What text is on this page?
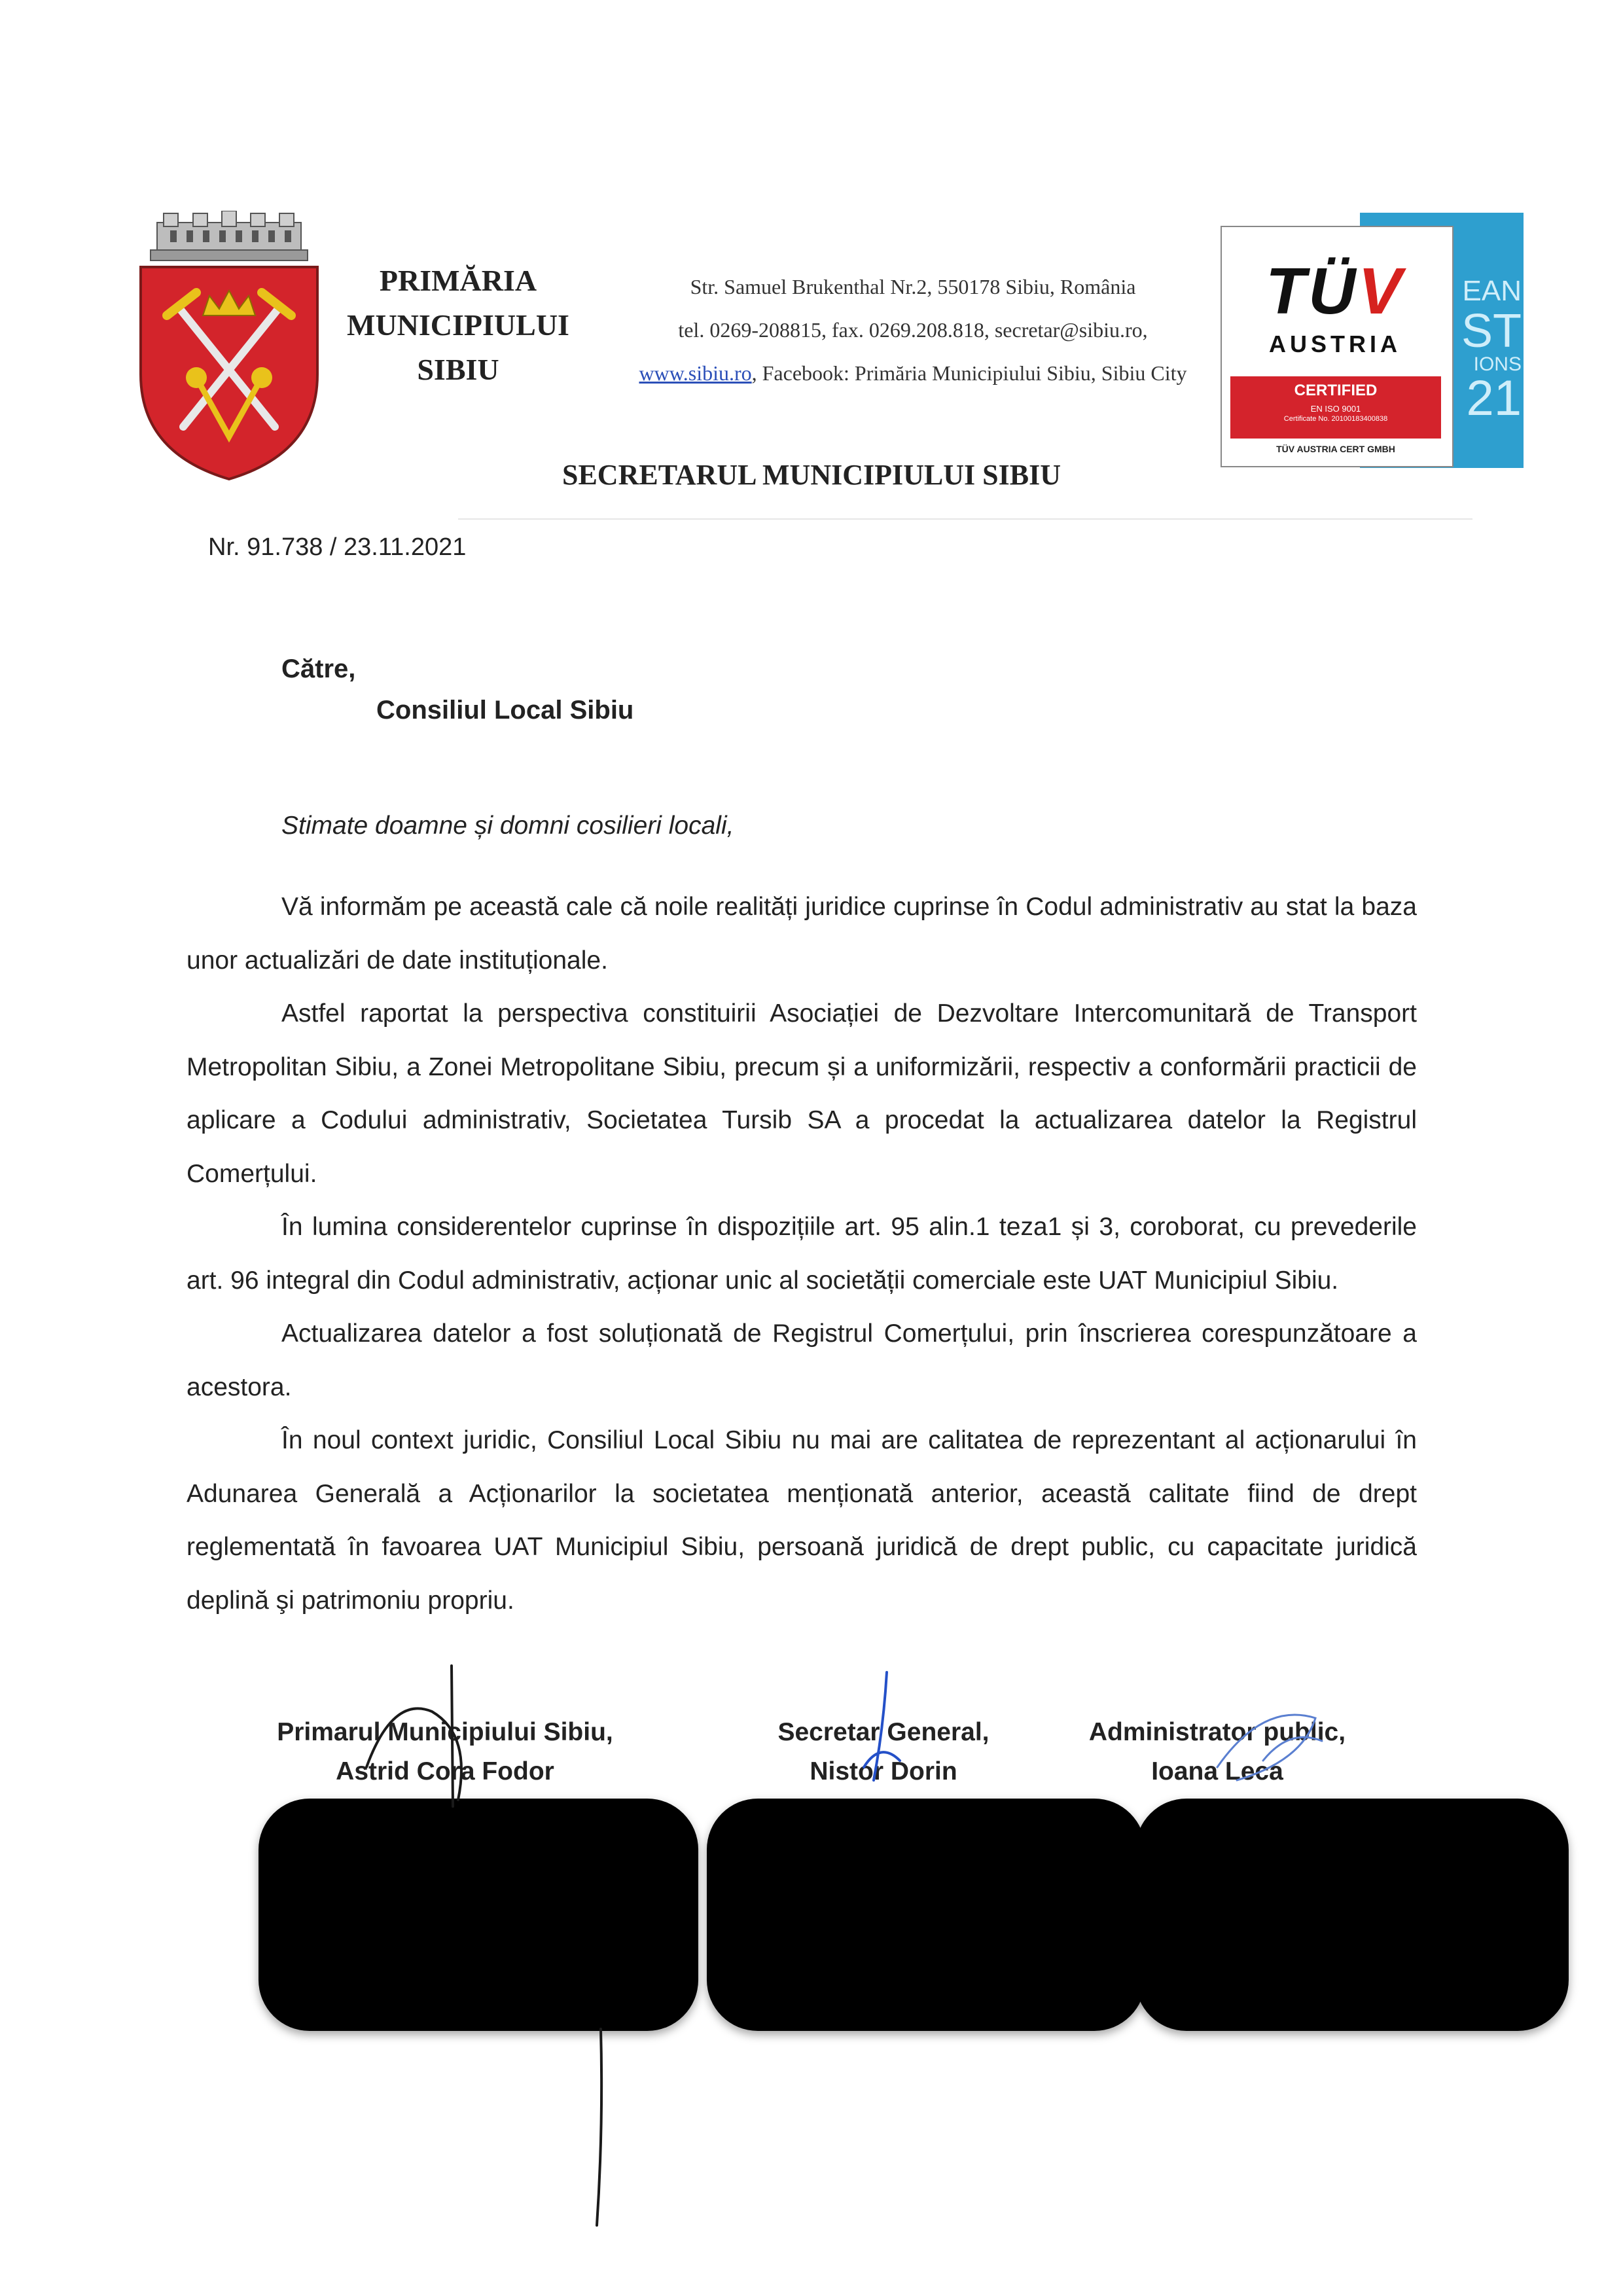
PRIMĂRIA
MUNICIPIULUI
SIBIU
Str. Samuel Brukenthal Nr.2, 550178 Sibiu, România
tel. 0269-208815, fax. 0269.208.818, secretar@sibiu.ro,
www.sibiu.ro, Facebook: Primăria Municipiului Sibiu, Sibiu City
SECRETARUL MUNICIPIULUI SIBIU
EAN
ST
IONS
21
TÜV
AUSTRIA
CERTIFIED
EN ISO 9001
Certificate No. 20100183400838
TÜV AUSTRIA CERT GMBH
Nr. 91.738 / 23.11.2021
Către,
Consiliul Local Sibiu
Stimate doamne și domni cosilieri locali,

Vă informăm pe această cale că noile realități juridice cuprinse în Codul administrativ au stat la baza unor actualizări de date instituționale.

Astfel raportat la perspectiva constituirii Asociației de Dezvoltare Intercomunitară de Transport Metropolitan Sibiu, a Zonei Metropolitane Sibiu, precum și a uniformizării, respectiv a conformării practicii de aplicare a Codului administrativ, Societatea Tursib SA a procedat la actualizarea datelor la Registrul Comerțului.

În lumina considerentelor cuprinse în dispozițiile art. 95 alin.1 teza1 și 3, coroborat, cu prevederile art. 96 integral din Codul administrativ, acționar unic al societății comerciale este UAT Municipiul Sibiu.

Actualizarea datelor a fost soluționată de Registrul Comerțului, prin înscrierea corespunzătoare a acestora.

În noul context juridic, Consiliul Local Sibiu nu mai are calitatea de reprezentant al acționarului în Adunarea Generală a Acționarilor la societatea menționată anterior, această calitate fiind de drept reglementată în favoarea UAT Municipiul Sibiu, persoană juridică de drept public, cu capacitate juridică deplină şi patrimoniu propriu.

Primarul Municipiului Sibiu,
Astrid Cora Fodor
Secretar General,
Nistor Dorin
Administrator public,
Ioana Leca
